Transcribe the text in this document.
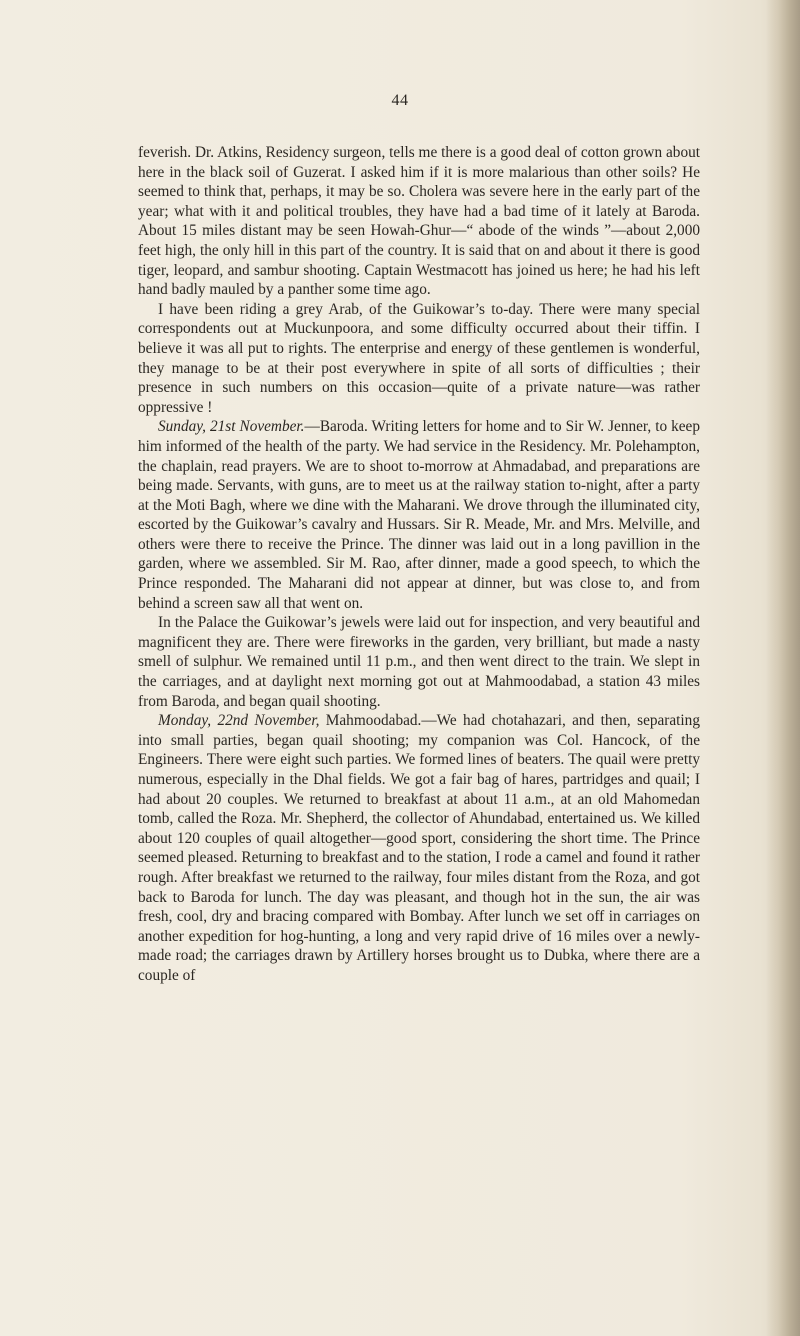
44

feverish. Dr. Atkins, Residency surgeon, tells me there is a good deal of cotton grown about here in the black soil of Guzerat. I asked him if it is more malarious than other soils? He seemed to think that, perhaps, it may be so. Cholera was severe here in the early part of the year; what with it and political troubles, they have had a bad time of it lately at Baroda. About 15 miles distant may be seen Howah-Ghur—“ abode of the winds ”—about 2,000 feet high, the only hill in this part of the country. It is said that on and about it there is good tiger, leopard, and sambur shooting. Captain Westmacott has joined us here; he had his left hand badly mauled by a panther some time ago.

I have been riding a grey Arab, of the Guikowar’s to-day. There were many special correspondents out at Muckunpoora, and some difficulty occurred about their tiffin. I believe it was all put to rights. The enterprise and energy of these gentlemen is wonderful, they manage to be at their post everywhere in spite of all sorts of difficulties ; their presence in such numbers on this occasion—quite of a private nature—was rather oppressive !

Sunday, 21st November.—Baroda. Writing letters for home and to Sir W. Jenner, to keep him informed of the health of the party. We had service in the Residency. Mr. Polehampton, the chaplain, read prayers. We are to shoot to-morrow at Ahmadabad, and preparations are being made. Servants, with guns, are to meet us at the railway station to-night, after a party at the Moti Bagh, where we dine with the Maharani. We drove through the illuminated city, escorted by the Guikowar’s cavalry and Hussars. Sir R. Meade, Mr. and Mrs. Melville, and others were there to receive the Prince. The dinner was laid out in a long pavillion in the garden, where we assembled. Sir M. Rao, after dinner, made a good speech, to which the Prince responded. The Maharani did not appear at dinner, but was close to, and from behind a screen saw all that went on.

In the Palace the Guikowar’s jewels were laid out for inspection, and very beautiful and magnificent they are. There were fireworks in the garden, very brilliant, but made a nasty smell of sulphur. We remained until 11 p.m., and then went direct to the train. We slept in the carriages, and at daylight next morning got out at Mahmoodabad, a station 43 miles from Baroda, and began quail shooting.

Monday, 22nd November, Mahmoodabad.—We had chotahazari, and then, separating into small parties, began quail shooting; my companion was Col. Hancock, of the Engineers. There were eight such parties. We formed lines of beaters. The quail were pretty numerous, especially in the Dhal fields. We got a fair bag of hares, partridges and quail; I had about 20 couples. We returned to breakfast at about 11 a.m., at an old Mahomedan tomb, called the Roza. Mr. Shepherd, the collector of Ahundabad, entertained us. We killed about 120 couples of quail altogether—good sport, considering the short time. The Prince seemed pleased. Returning to breakfast and to the station, I rode a camel and found it rather rough. After breakfast we returned to the railway, four miles distant from the Roza, and got back to Baroda for lunch. The day was pleasant, and though hot in the sun, the air was fresh, cool, dry and bracing compared with Bombay. After lunch we set off in carriages on another expedition for hog-hunting, a long and very rapid drive of 16 miles over a newly-made road; the carriages drawn by Artillery horses brought us to Dubka, where there are a couple of
